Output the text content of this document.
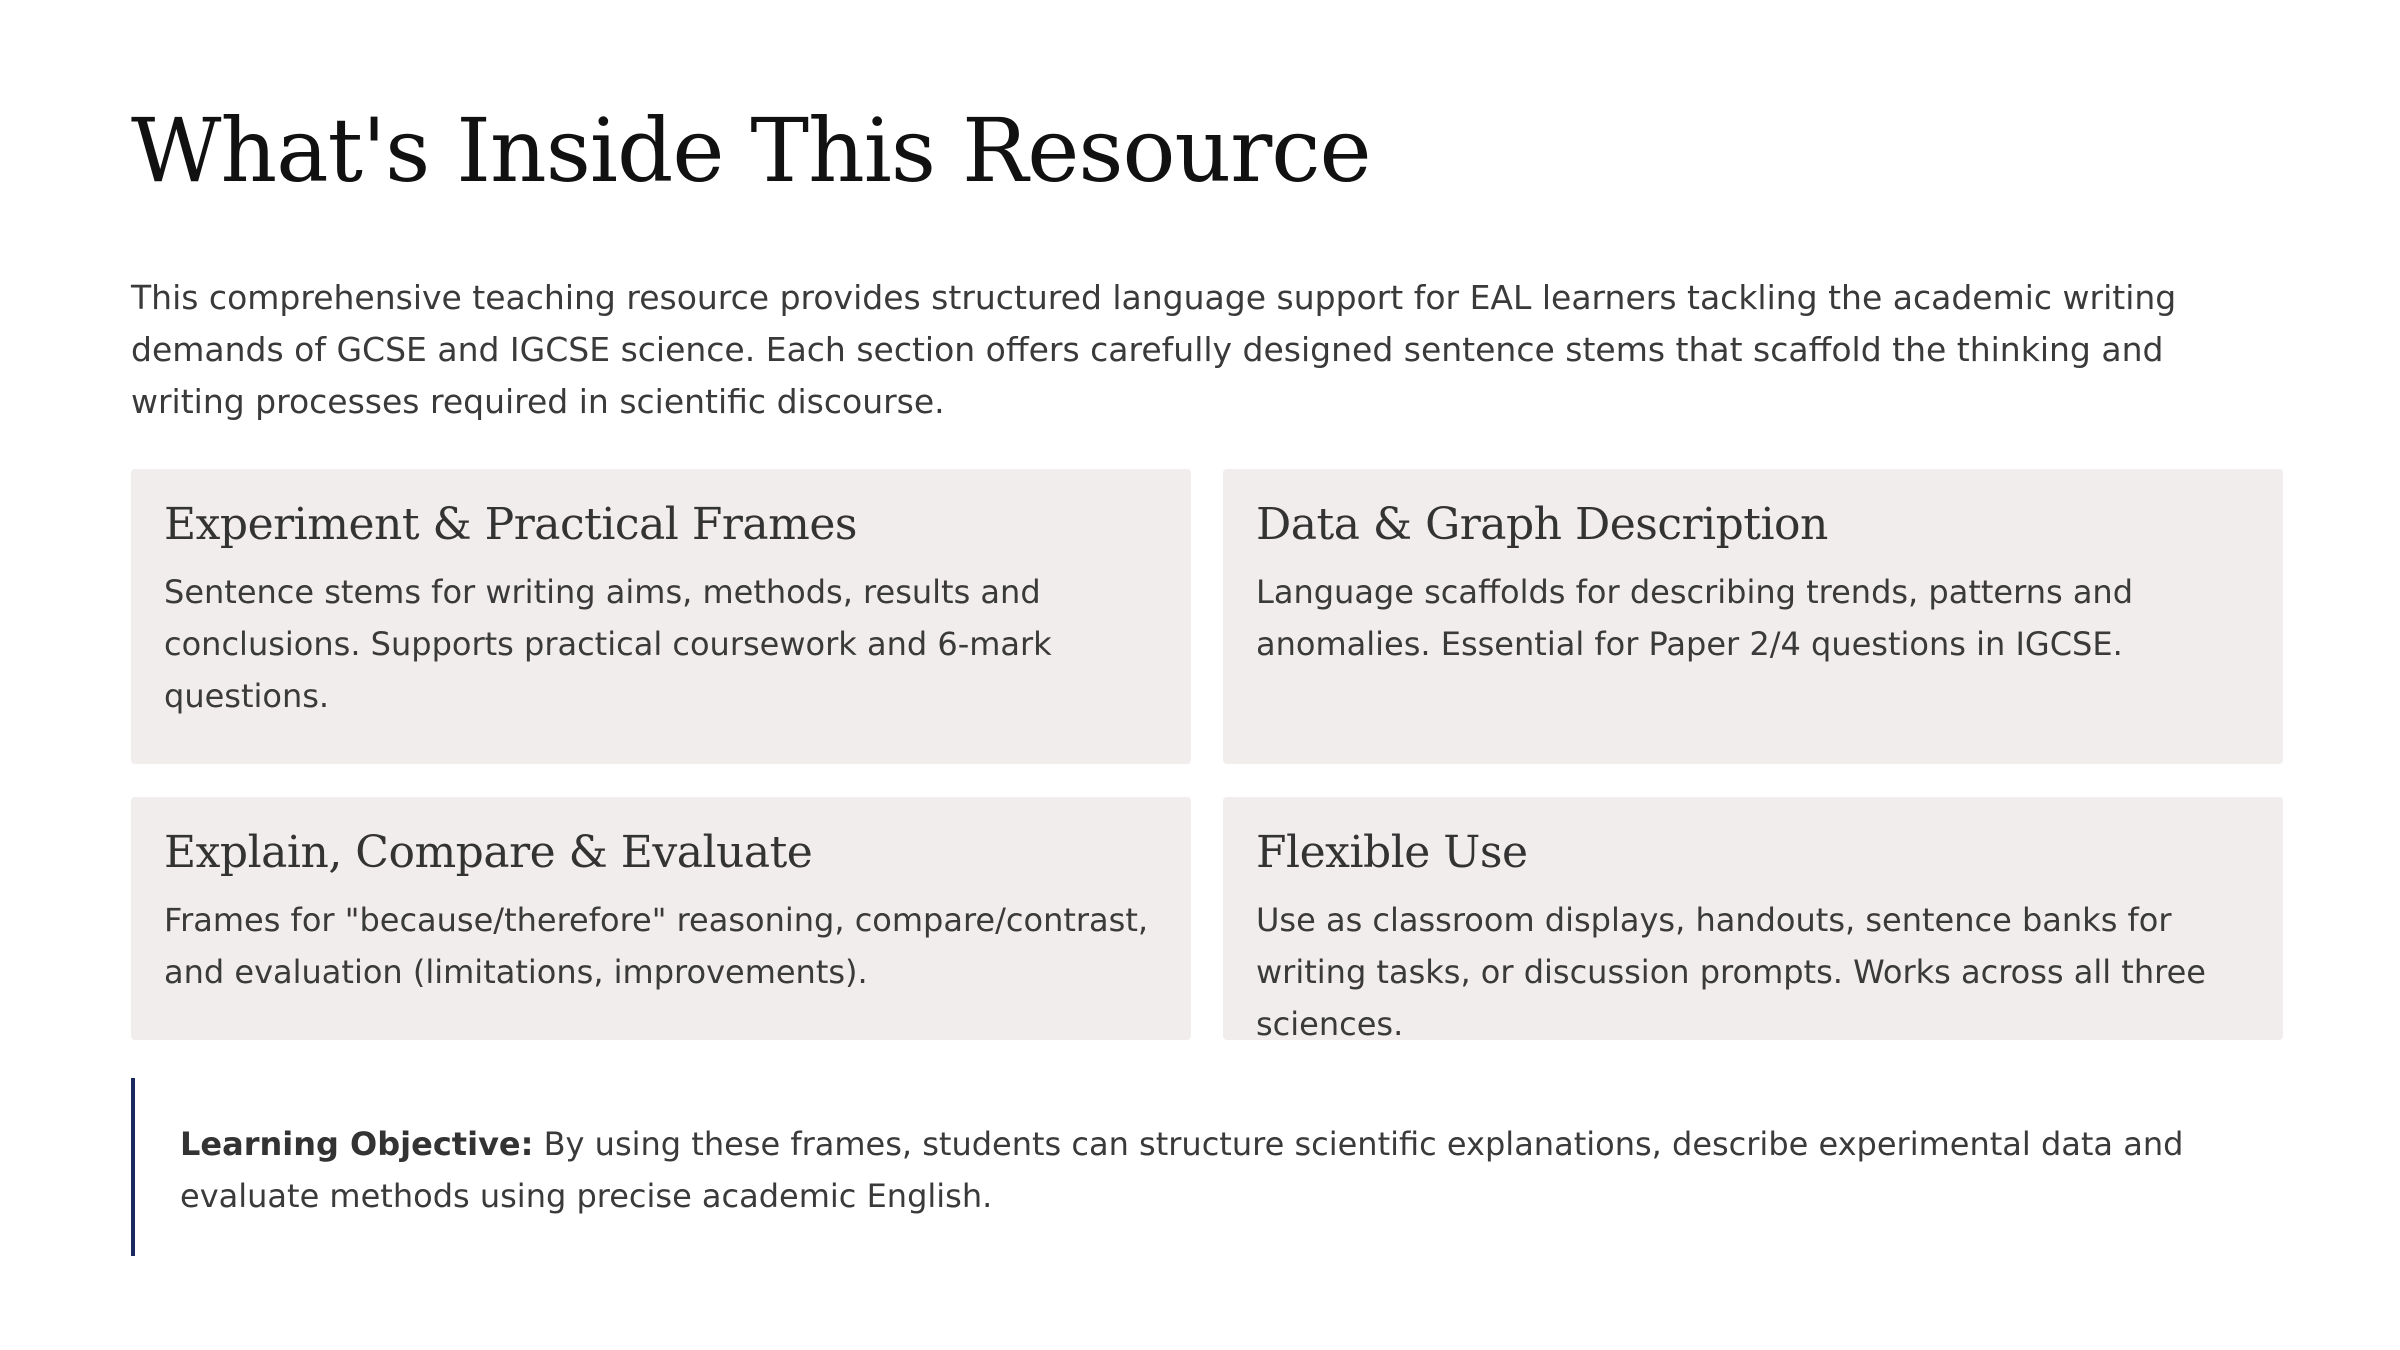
What's Inside This Resource

This comprehensive teaching resource provides structured language support for EAL learners tackling the academic writing demands of GCSE and IGCSE science. Each section offers carefully designed sentence stems that scaffold the thinking and writing processes required in scientific discourse.

Experiment & Practical Frames

Sentence stems for writing aims, methods, results and conclusions. Supports practical coursework and 6-mark questions.

Data & Graph Description

Language scaffolds for describing trends, patterns and anomalies. Essential for Paper 2/4 questions in IGCSE.

Explain, Compare & Evaluate

Frames for "because/therefore" reasoning, compare/contrast, and evaluation (limitations, improvements).

Flexible Use

Use as classroom displays, handouts, sentence banks for writing tasks, or discussion prompts. Works across all three sciences.

Learning Objective: By using these frames, students can structure scientific explanations, describe experimental data and evaluate methods using precise academic English.
